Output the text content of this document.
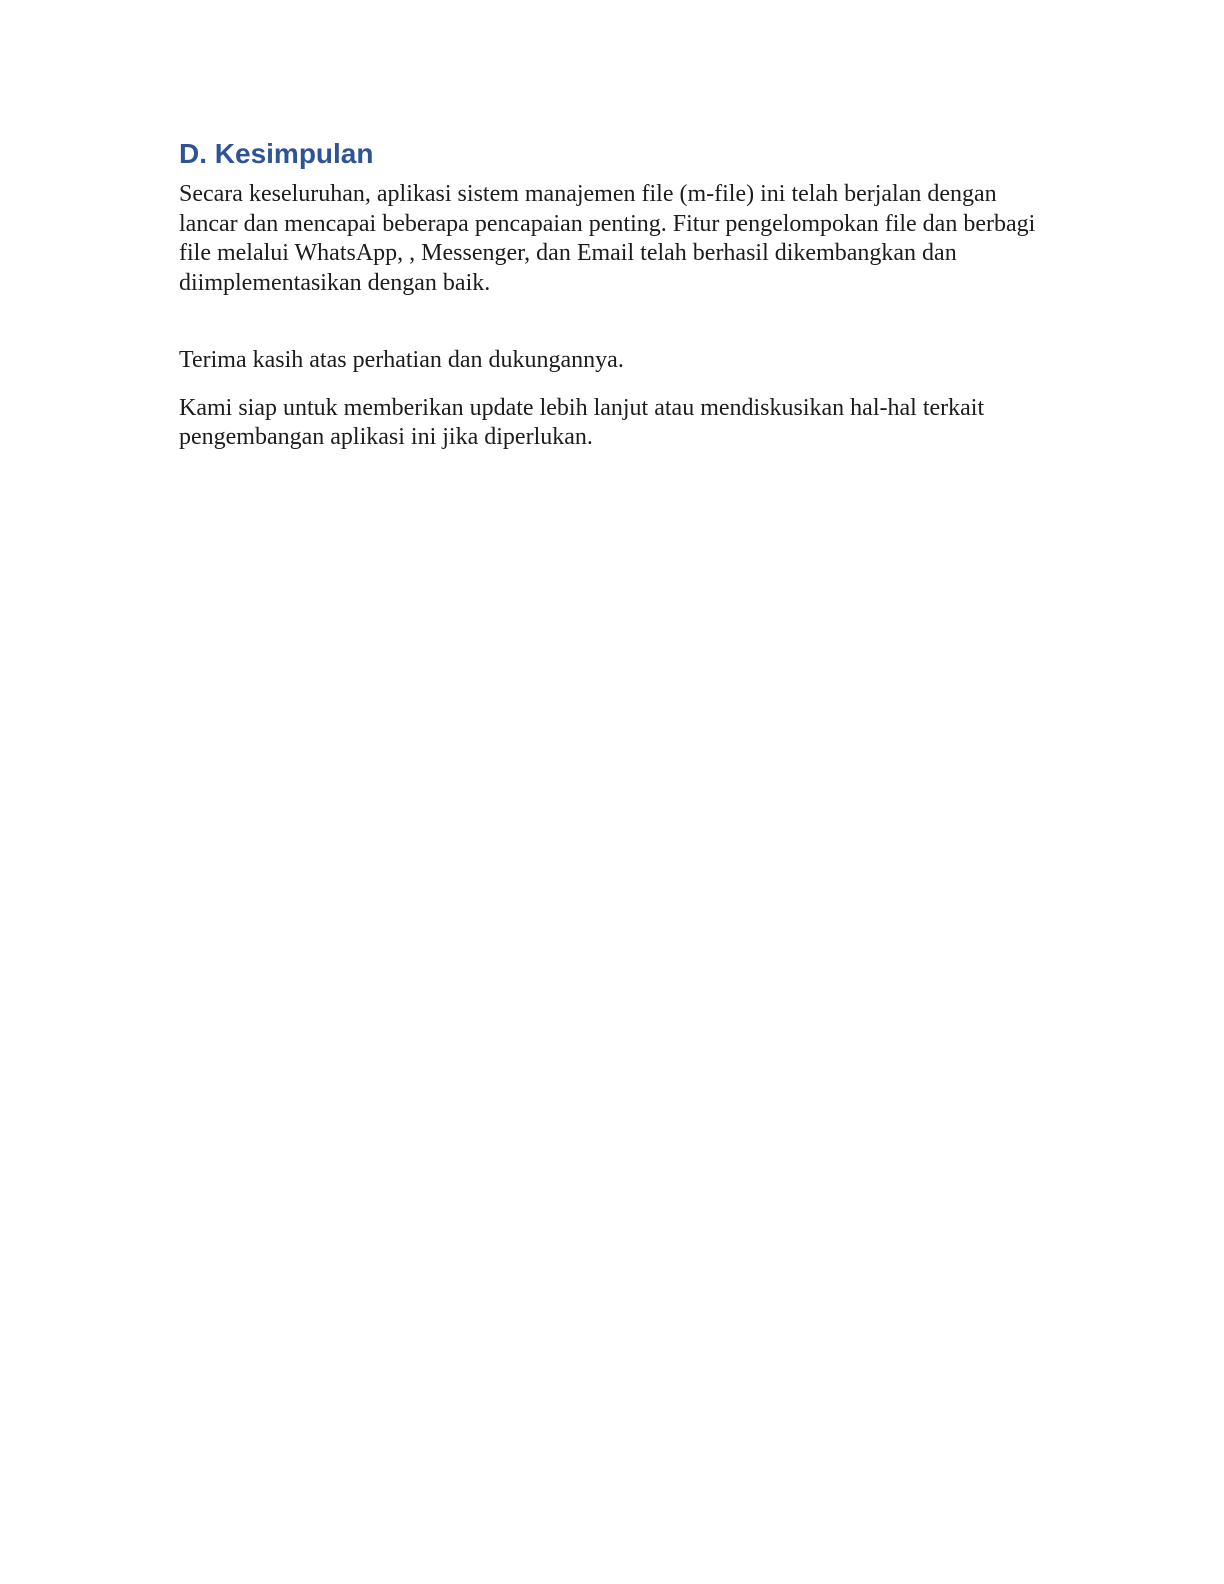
D. Kesimpulan

Secara keseluruhan, aplikasi sistem manajemen file (m-file) ini telah berjalan dengan lancar dan mencapai beberapa pencapaian penting. Fitur pengelompokan file dan berbagi file melalui WhatsApp, , Messenger, dan Email telah berhasil dikembangkan dan diimplementasikan dengan baik.

Terima kasih atas perhatian dan dukungannya.

Kami siap untuk memberikan update lebih lanjut atau mendiskusikan hal-hal terkait pengembangan aplikasi ini jika diperlukan.
